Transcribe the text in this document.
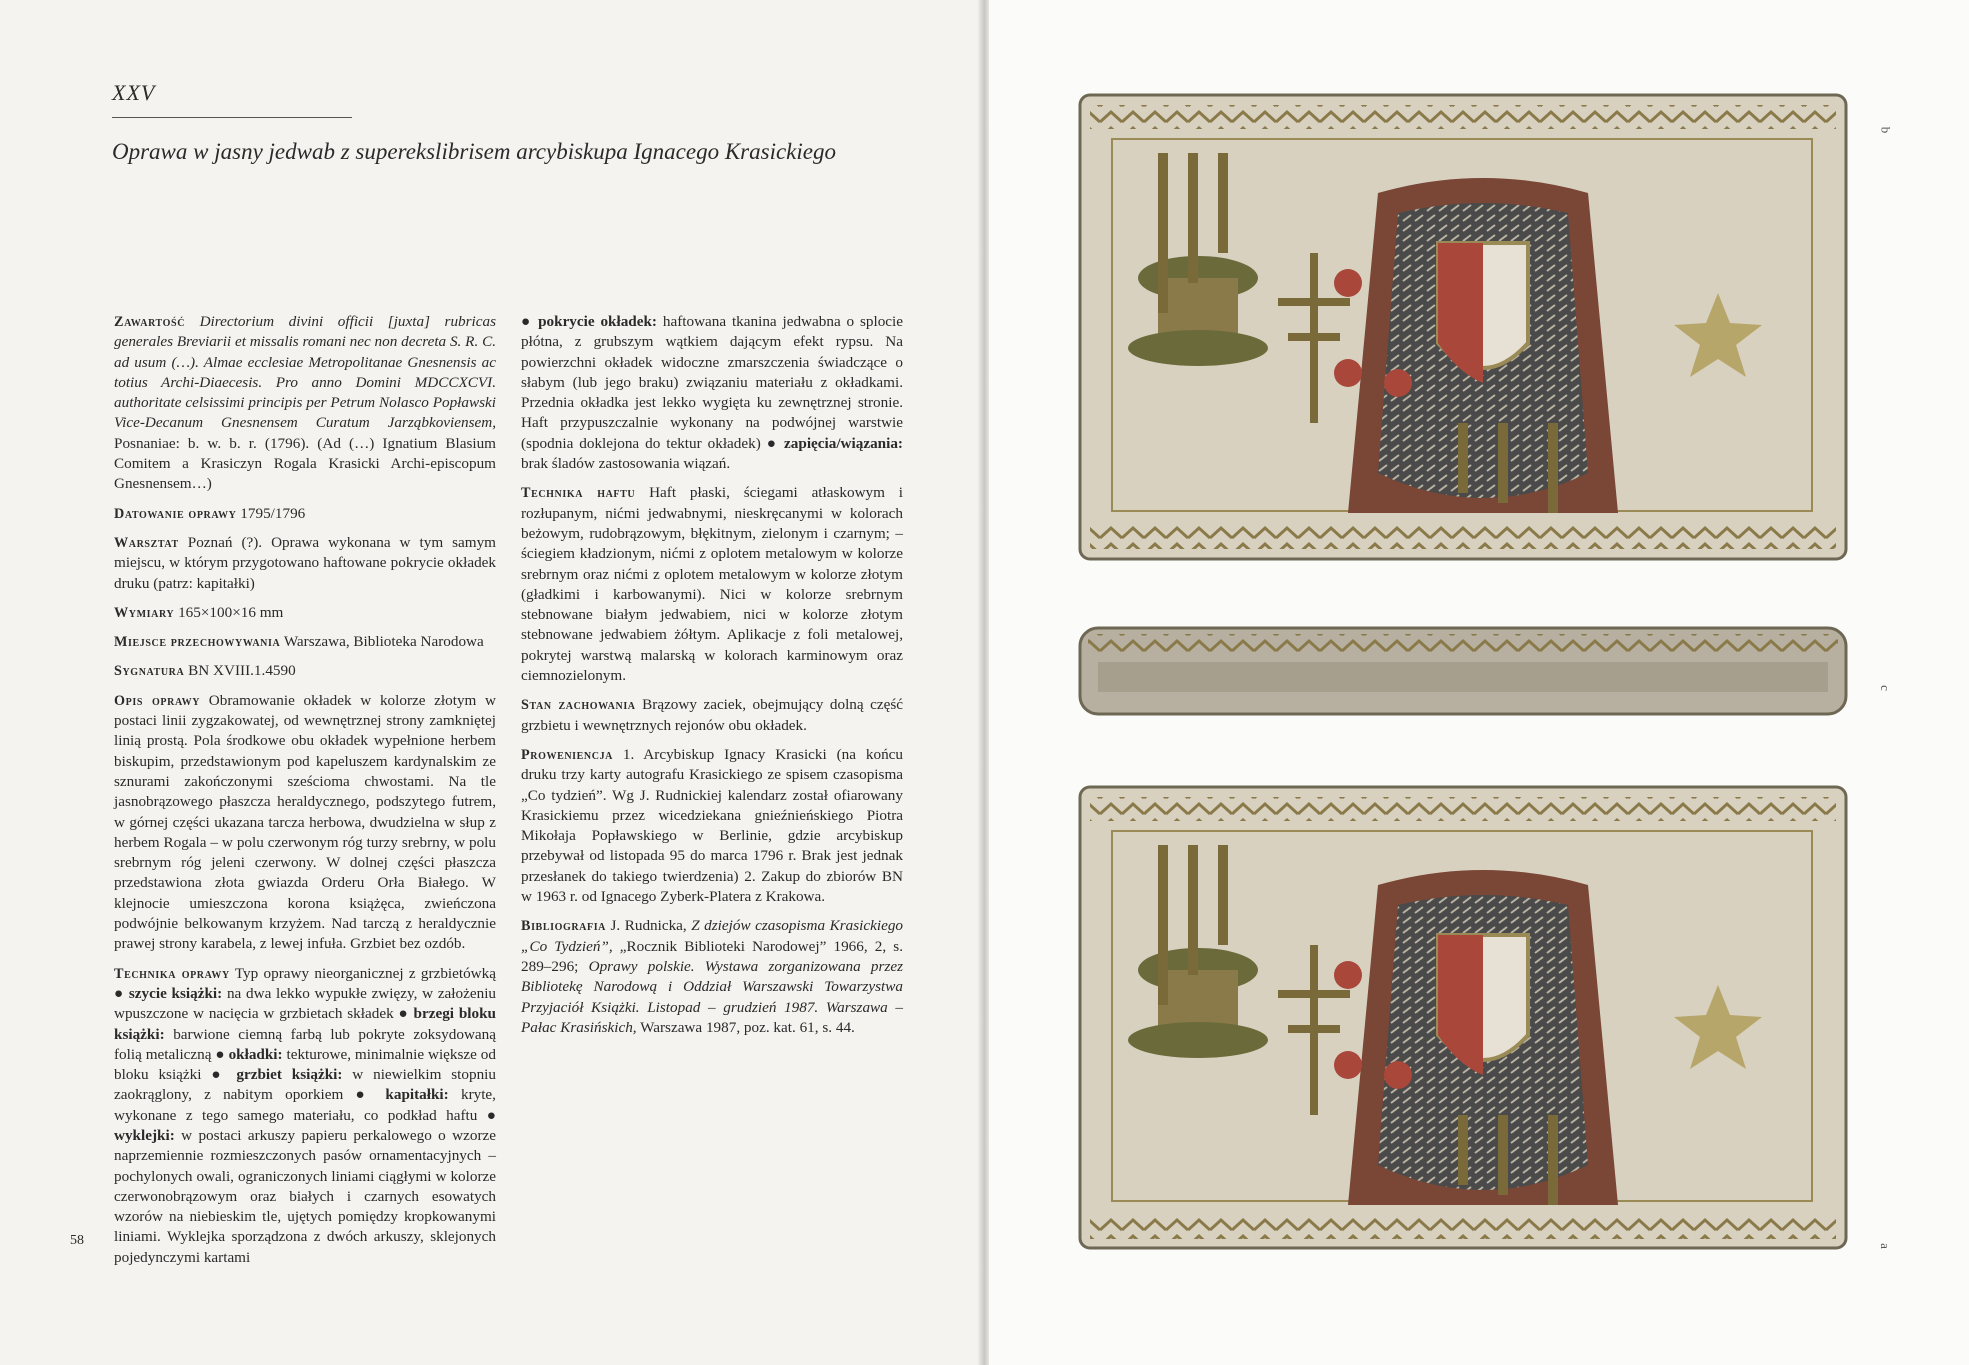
XXV
Oprawa w jasny jedwab z superekslibrisem arcybiskupa Ignacego Krasickiego

Zawartość Directorium divini officii [juxta] rubricas generales Breviarii et missalis romani nec non decreta S. R. C. ad usum (…). Almae ecclesiae Metropolitanae Gnesnensis ac totius Archi-Diaecesis. Pro anno Domini MDCCXCVI. authoritate celsissimi principis per Petrum Nolasco Popławski Vice-Decanum Gnesnensem Curatum Jarząbkoviensem, Posnaniae: b. w. b. r. (1796). (Ad (…) Ignatium Blasium Comitem a Krasiczyn Rogala Krasicki Archi-episcopum Gnesnensem…)

Datowanie oprawy 1795/1796

Warsztat Poznań (?). Oprawa wykonana w tym samym miejscu, w którym przygotowano haftowane pokrycie okładek druku (patrz: kapitałki)

Wymiary 165×100×16 mm

Miejsce przechowywania Warszawa, Biblioteka Narodowa

Sygnatura BN XVIII.1.4590

Opis oprawy Obramowanie okładek w kolorze złotym w postaci linii zygzakowatej, od wewnętrznej strony zamkniętej linią prostą. Pola środkowe obu okładek wypełnione herbem biskupim, przedstawionym pod kapeluszem kardynalskim ze sznurami zakończonymi sześcioma chwostami. Na tle jasnobrązowego płaszcza heraldycznego, podszytego futrem, w górnej części ukazana tarcza herbowa, dwudzielna w słup z herbem Rogala – w polu czerwonym róg turzy srebrny, w polu srebrnym róg jeleni czerwony. W dolnej części płaszcza przedstawiona złota gwiazda Orderu Orła Białego. W klejnocie umieszczona korona książęca, zwieńczona podwójnie belkowanym krzyżem. Nad tarczą z heraldycznie prawej strony karabela, z lewej infuła. Grzbiet bez ozdób.

Technika oprawy Typ oprawy nieorganicznej z grzbietówką ● szycie książki: na dwa lekko wypukłe zwięzy, w założeniu wpuszczone w nacięcia w grzbietach składek ● brzegi bloku książki: barwione ciemną farbą lub pokryte zoksydowaną folią metaliczną ● okładki: tekturowe, minimalnie większe od bloku książki ● grzbiet książki: w niewielkim stopniu zaokrąglony, z nabitym oporkiem ● kapitałki: kryte, wykonane z tego samego materiału, co podkład haftu ● wyklejki: w postaci arkuszy papieru perkalowego o wzorze naprzemiennie rozmieszczonych pasów ornamentacyjnych – pochylonych owali, ograniczonych liniami ciągłymi w kolorze czerwonobrązowym oraz białych i czarnych esowatych wzorów na niebieskim tle, ujętych pomiędzy kropkowanymi liniami. Wyklejka sporządzona z dwóch arkuszy, sklejonych pojedynczymi kartami

● pokrycie okładek: haftowana tkanina jedwabna o splocie płótna, z grubszym wątkiem dającym efekt rypsu. Na powierzchni okładek widoczne zmarszczenia świadczące o słabym (lub jego braku) związaniu materiału z okładkami. Przednia okładka jest lekko wygięta ku zewnętrznej stronie. Haft przypuszczalnie wykonany na podwójnej warstwie (spodnia doklejona do tektur okładek) ● zapięcia/wiązania: brak śladów zastosowania wiązań.

Technika haftu Haft płaski, ściegami atłaskowym i rozłupanym, nićmi jedwabnymi, nieskręcanymi w kolorach beżowym, rudobrązowym, błękitnym, zielonym i czarnym; – ściegiem kładzionym, nićmi z oplotem metalowym w kolorze srebrnym oraz nićmi z oplotem metalowym w kolorze złotym (gładkimi i karbowanymi). Nici w kolorze srebrnym stebnowane białym jedwabiem, nici w kolorze złotym stebnowane jedwabiem żółtym. Aplikacje z foli metalowej, pokrytej warstwą malarską w kolorach karminowym oraz ciemnozielonym.

Stan zachowania Brązowy zaciek, obejmujący dolną część grzbietu i wewnętrznych rejonów obu okładek.

Proweniencja 1. Arcybiskup Ignacy Krasicki (na końcu druku trzy karty autografu Krasickiego ze spisem czasopisma „Co tydzień”. Wg J. Rudnickiej kalendarz został ofiarowany Krasickiemu przez wicedziekana gnieźnieńskiego Piotra Mikołaja Popławskiego w Berlinie, gdzie arcybiskup przebywał od listopada 95 do marca 1796 r. Brak jest jednak przesłanek do takiego twierdzenia) 2. Zakup do zbiorów BN w 1963 r. od Ignacego Zyberk-Platera z Krakowa.

Bibliografia J. Rudnicka, Z dziejów czasopisma Krasickiego „Co Tydzień”, „Rocznik Biblioteki Narodowej” 1966, 2, s. 289–296; Oprawy polskie. Wystawa zorganizowana przez Bibliotekę Narodową i Oddział Warszawski Towarzystwa Przyjaciół Książki. Listopad – grudzień 1987. Warszawa – Pałac Krasińskich, Warszawa 1987, poz. kat. 61, s. 44.

58
b
c
a
